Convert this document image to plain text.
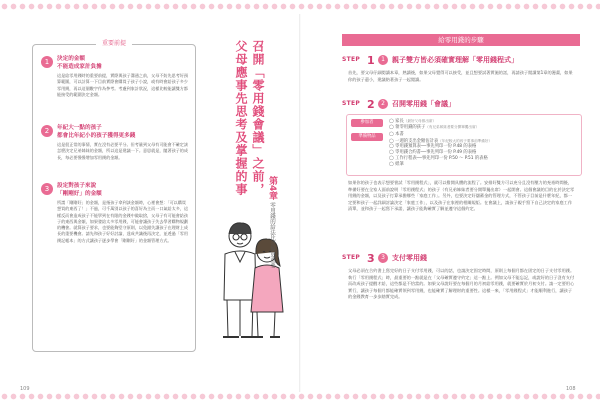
重要前提
1	決定的金額
不能造成家計負擔
這是給零用錢時的重要前提，實際與孩子溝通之前，父母不妨先思考好預算範圍，可以計算一下目前實際會購買子孩子小說，或有時會給孩子多少零用錢，再以這個數字作為參考。考慮到家計狀況，這樣比較能讓雙方都能接受的範圍決定金額。
2	年紀大一點的孩子
都會比年紀小的孩子獲得更多錢
這是很正常的事情，實在沒有必要平分。但考量到父母有可能會不確定該怎麼決定兄弟姊妹的金額，所以這是建議一下。意思就是，隨著孩子的成長，每必要慢慢增加零用錢的金額。
3	設定對孩子來說
「剛剛好」的金額
所謂「剛剛好」的金額，是指孩子拿到該金額時，心裡會想：「可以購買想買的東西了！」不過，可千萬別以孩子的喜好為主而一口氣給太多，這樣反而會造成孩子不能學到在有限的金錢中做取捨，父母子有可能會給孩子的東西與金額，如果發給太多零用錢，可能會讓孩子失去學習購物規劃的機會。就算孩子要求，也要能夠堅守原則，以免錯失讓孩子在理財上成長的重要機會。請先和孩子好好討論，達成共識後再決定，並透過「零用錢記帳本」的方式讓孩子逐步學會「剛剛好」的金額管理方式。
召開「零用錢會議」之前，
父母應事先思考及掌握的事 第4章 零用錢的給法比金額更重要
109
給零用錢的步驟
STEP 1	1	親子雙方皆必須確實理解「零用錢程式」
首先，要父母仔細閱讀本章，熟讀後，如果父母覺得可以接受，並且想要試著實施的話，再請孩子閱讀第1章的漫畫，如果你的孩子還小，建議陪著孩子一起閱讀。
STEP 2	2	召開零用錢「會議」
參加者	◯ 家長（最好父母都出席）
◯ 領零用錢的孩子（有兄弟姊妹者要分開單獨出席）
準備物品	◯ 本書
◯ 一週的支出金額估計表（年紀較大的孩子要事前準備好）
◯ 零用錢預算表──事先列印一份 P.48 的表格
◯ 零用錢合約書──事先列印一份 P.49 的表格
◯ 工作行程表──事先列印一份 P.50 〜 P.51 的表格
◯ 紙筆
如果你的孩子也表示想要嘗試「零用錢程式」，就可以撥開具體的流程了。安排好雙方可以充分且沒有壓力的充裕時間後，準備好要在全家人面前說明「零用錢程式」的孩子（有兄弟姊妹者要分開單獨出席）一起開會。這個會議的目的在於決定零用錢的金額，以及孩子打算承擔哪些「家庭工作」。另外，也要決定好儲蓄金的管理方式，不管孩子目前是什麼年紀，都一定要和孩子一起詳細討論決定「家庭工作」，以及孩子在家裡的相關規矩。在會議上，請孩子親手寫下自己決定的家庭工作清單，並和孩子一起寫下承諾，讓孩子能夠確實了解並遵守這個約定。
STEP 3	3	支付零用錢
父母必須在合約書上寫完好的日子支付零用錢，可以的話，也請決定固定時間，原則上每個月都在固定的日子支付零用錢。執行「零用錢程式」時，最重要的一點就是在「父母確實遵守約定」這一點上。例如父母不能忘記，或說好的日子沒有支付而改成孩子提醒才給，這些都是不恰當的。如果父母說好要在每個月的月初給零用錢，就要確實於月初支付。請一定要用心實行，讓孩子每個月都能確實領到零用錢，也能確實了解理財的重要性。這樣一來，「零用錢程式」才能順利進行，讓孩子的金錢教育一步步踏實完成。
108
